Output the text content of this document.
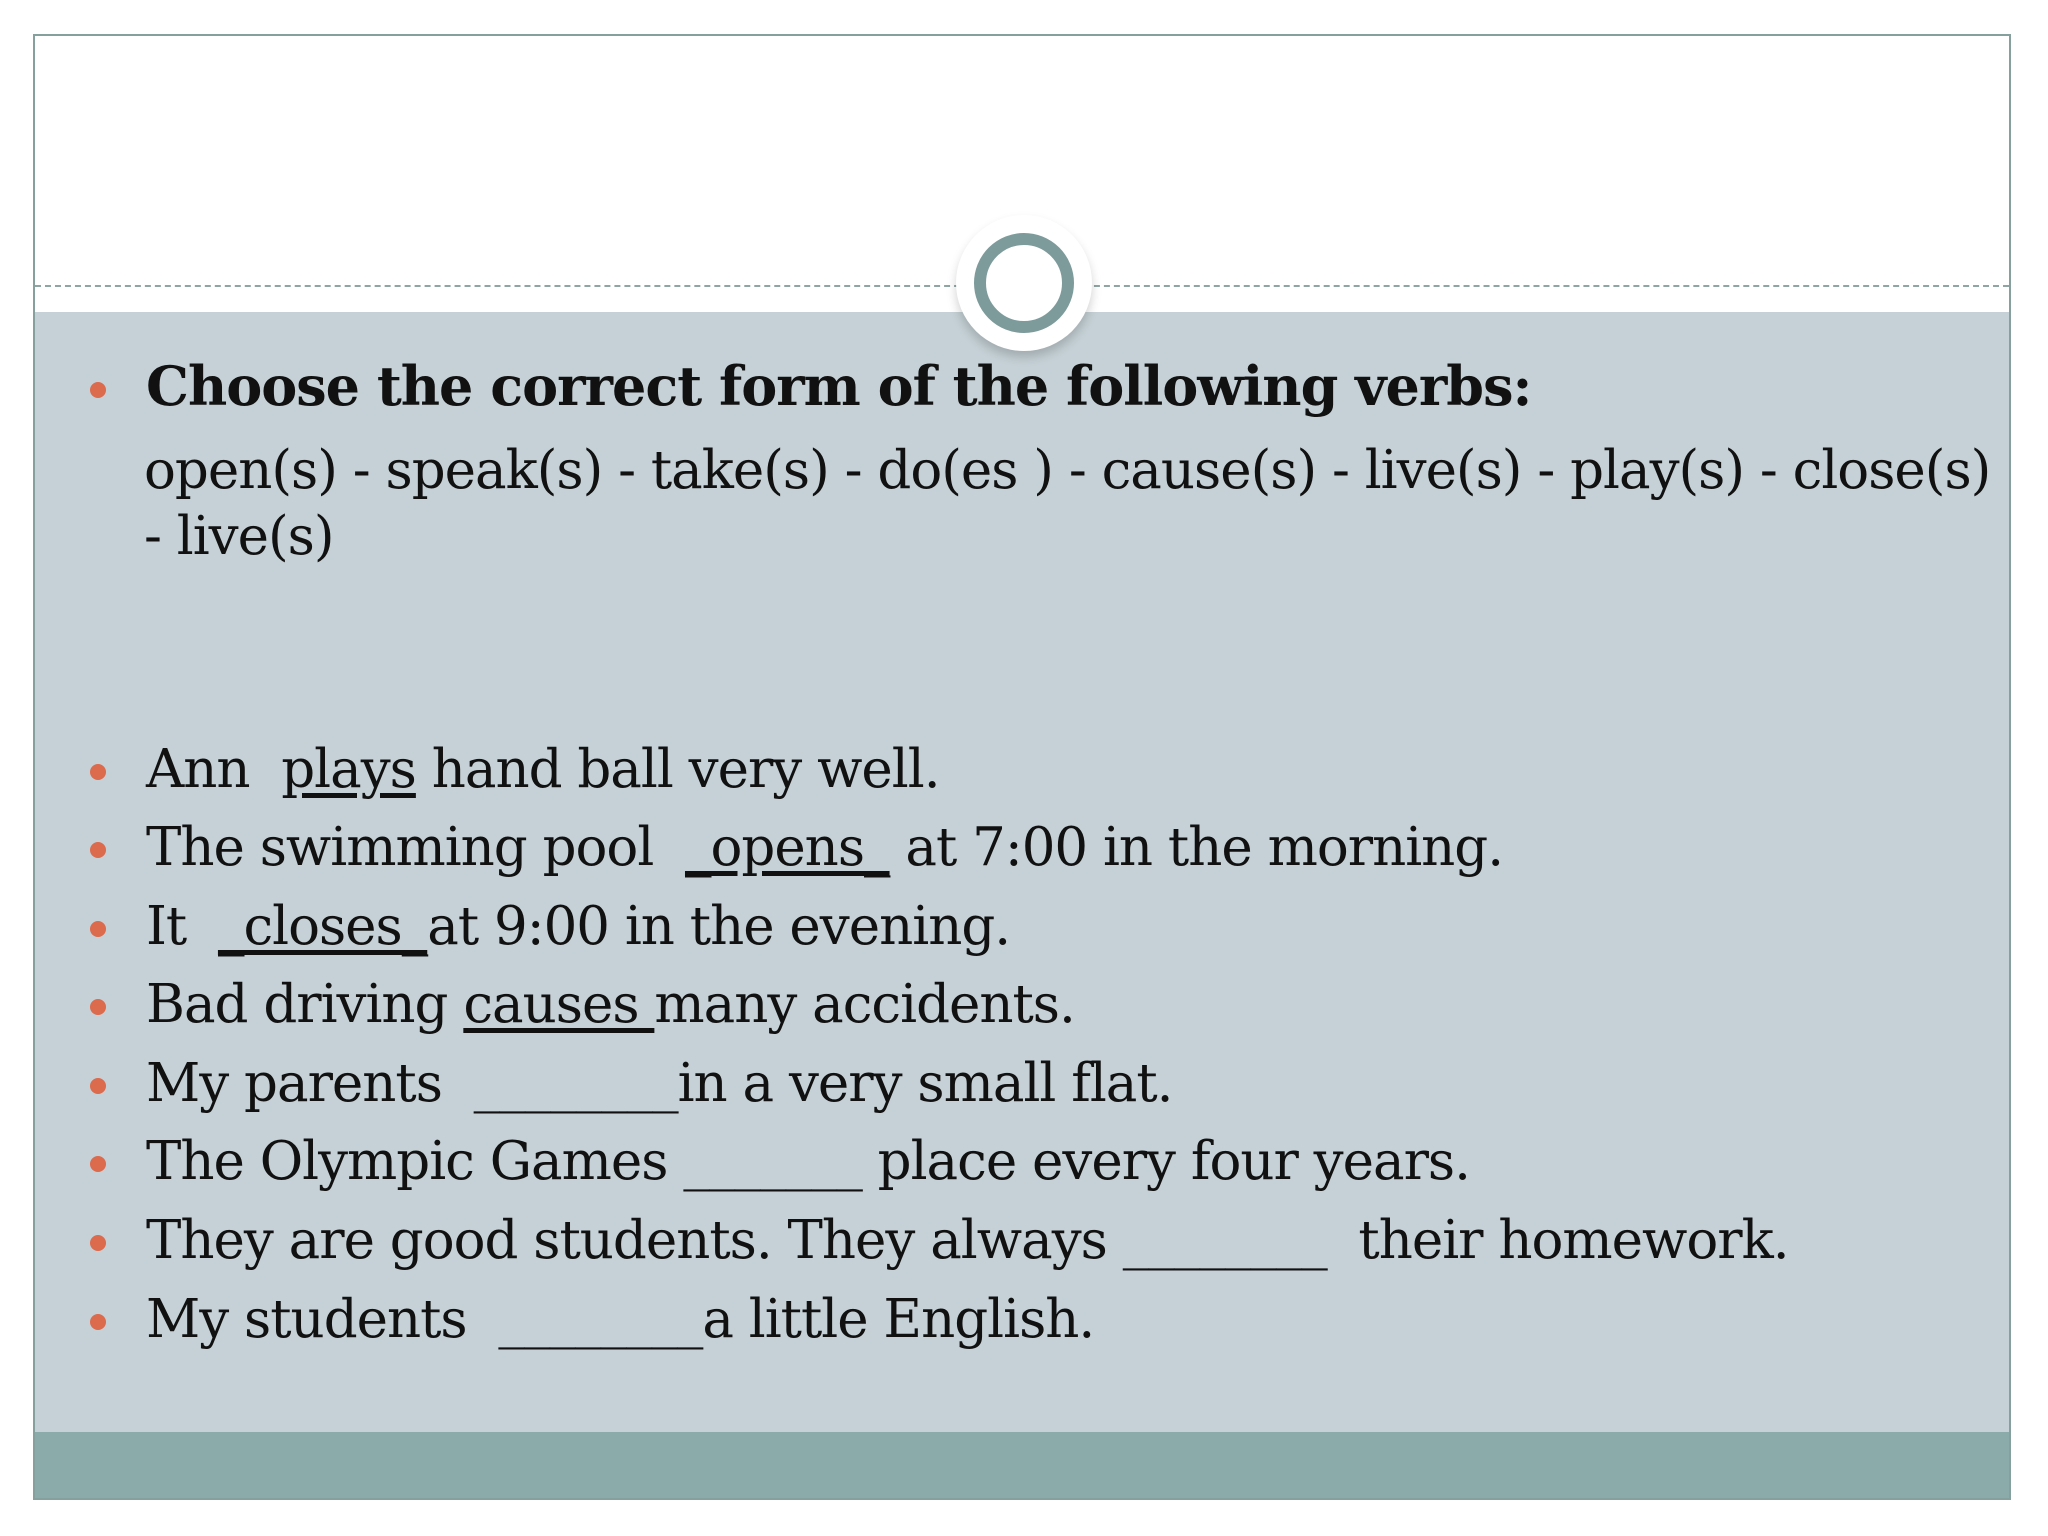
Choose the correct form of the following verbs:
open(s) - speak(s) - take(s) - do(es ) - cause(s) - live(s) - play(s) - close(s)
- live(s)
Ann  plays hand ball very well.
The swimming pool  _opens_ at 7:00 in the morning.
It  _closes_at 9:00 in the evening.
Bad driving causes many accidents.
My parents  ________in a very small flat.
The Olympic Games _______ place every four years.
They are good students. They always ________  their homework.
My students  ________a little English.
